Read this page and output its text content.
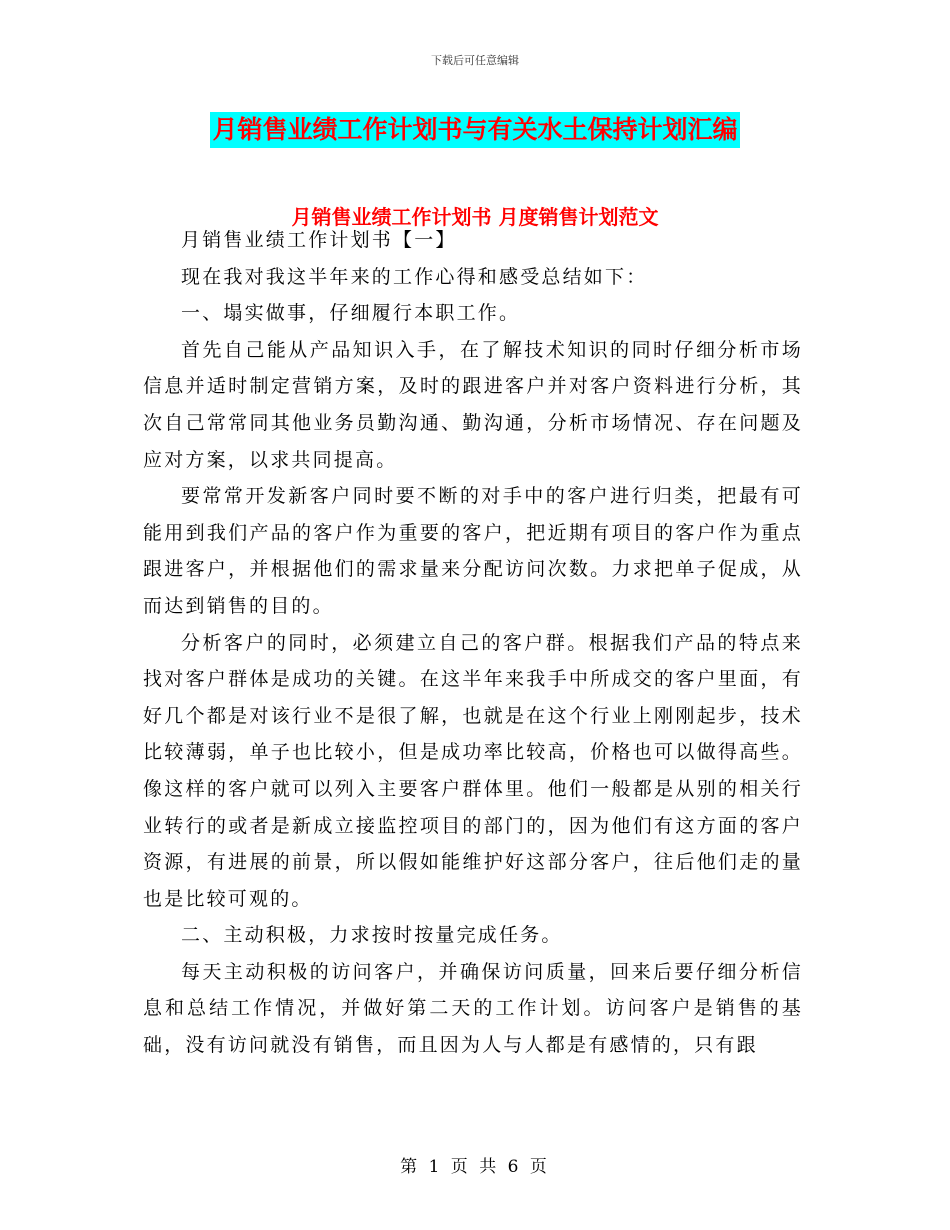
下载后可任意编辑
月销售业绩工作计划书与有关水土保持计划汇编
月销售业绩工作计划书 月度销售计划范文

月销售业绩工作计划书【一】

现在我对我这半年来的工作心得和感受总结如下：

一、塌实做事，仔细履行本职工作。

首先自己能从产品知识入手，在了解技术知识的同时仔细分析市场信息并适时制定营销方案，及时的跟进客户并对客户资料进行分析，其次自己常常同其他业务员勤沟通、勤沟通，分析市场情况、存在问题及应对方案，以求共同提高。

要常常开发新客户同时要不断的对手中的客户进行归类，把最有可能用到我们产品的客户作为重要的客户，把近期有项目的客户作为重点跟进客户，并根据他们的需求量来分配访问次数。力求把单子促成，从而达到销售的目的。

分析客户的同时，必须建立自己的客户群。根据我们产品的特点来找对客户群体是成功的关键。在这半年来我手中所成交的客户里面，有好几个都是对该行业不是很了解，也就是在这个行业上刚刚起步，技术比较薄弱，单子也比较小，但是成功率比较高，价格也可以做得高些。像这样的客户就可以列入主要客户群体里。他们一般都是从别的相关行业转行的或者是新成立接监控项目的部门的，因为他们有这方面的客户资源，有进展的前景，所以假如能维护好这部分客户，往后他们走的量也是比较可观的。

二、主动积极，力求按时按量完成任务。

每天主动积极的访问客户，并确保访问质量，回来后要仔细分析信息和总结工作情况，并做好第二天的工作计划。访问客户是销售的基础，没有访问就没有销售，而且因为人与人都是有感情的，只有跟

第 1 页 共 6 页
